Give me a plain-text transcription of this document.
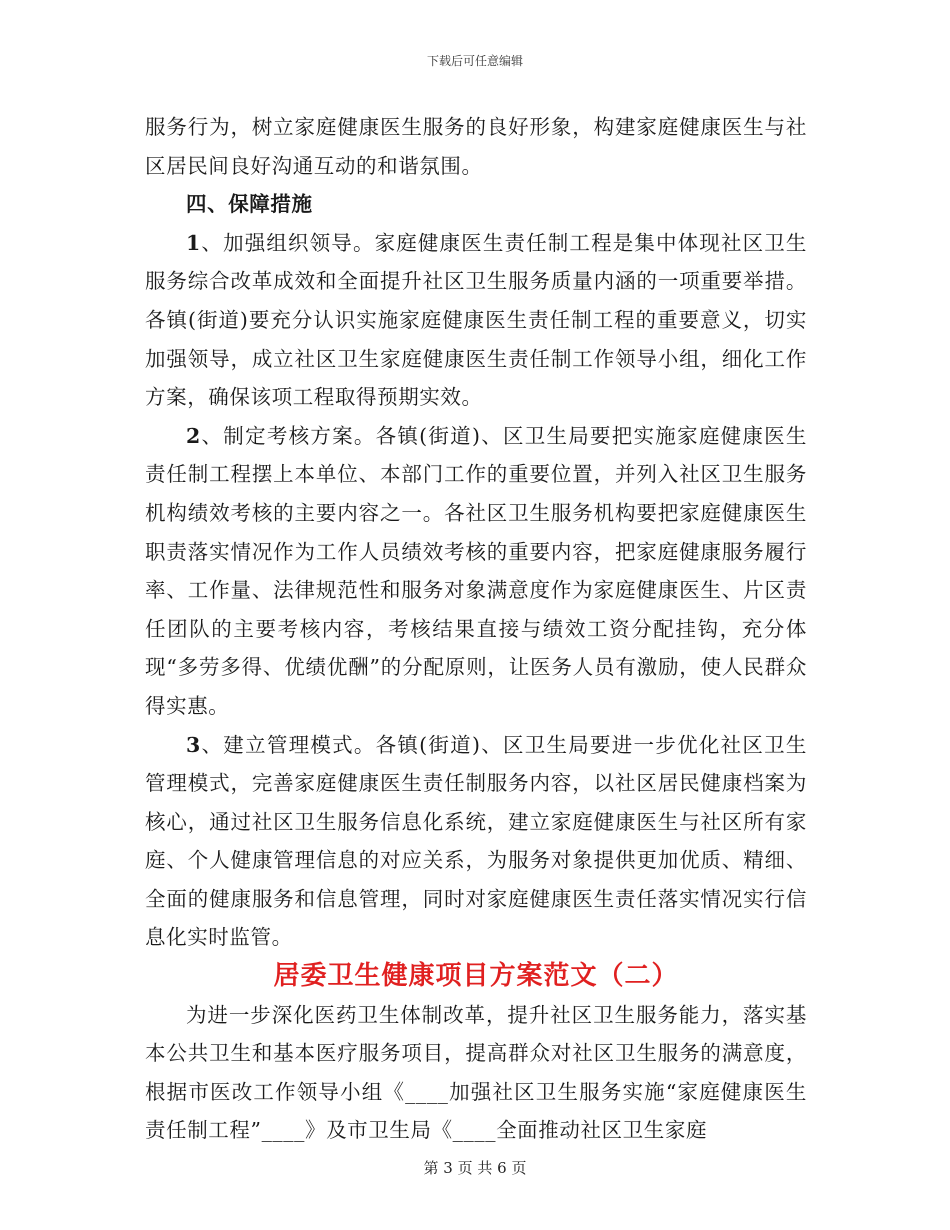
下载后可任意编辑

服务行为，树立家庭健康医生服务的良好形象，构建家庭健康医生与社区居民间良好沟通互动的和谐氛围。

四、保障措施

1、加强组织领导。家庭健康医生责任制工程是集中体现社区卫生服务综合改革成效和全面提升社区卫生服务质量内涵的一项重要举措。各镇(街道)要充分认识实施家庭健康医生责任制工程的重要意义，切实加强领导，成立社区卫生家庭健康医生责任制工作领导小组，细化工作方案，确保该项工程取得预期实效。

2、制定考核方案。各镇(街道)、区卫生局要把实施家庭健康医生责任制工程摆上本单位、本部门工作的重要位置，并列入社区卫生服务机构绩效考核的主要内容之一。各社区卫生服务机构要把家庭健康医生职责落实情况作为工作人员绩效考核的重要内容，把家庭健康服务履行率、工作量、法律规范性和服务对象满意度作为家庭健康医生、片区责任团队的主要考核内容，考核结果直接与绩效工资分配挂钩，充分体现“多劳多得、优绩优酬”的分配原则，让医务人员有激励，使人民群众得实惠。

3、建立管理模式。各镇(街道)、区卫生局要进一步优化社区卫生管理模式，完善家庭健康医生责任制服务内容，以社区居民健康档案为核心，通过社区卫生服务信息化系统，建立家庭健康医生与社区所有家庭、个人健康管理信息的对应关系，为服务对象提供更加优质、精细、全面的健康服务和信息管理，同时对家庭健康医生责任落实情况实行信息化实时监管。

居委卫生健康项目方案范文（二）

为进一步深化医药卫生体制改革，提升社区卫生服务能力，落实基本公共卫生和基本医疗服务项目，提高群众对社区卫生服务的满意度，根据市医改工作领导小组《____加强社区卫生服务实施“家庭健康医生责任制工程”____》及市卫生局《____全面推动社区卫生家庭

第 3 页 共 6 页
